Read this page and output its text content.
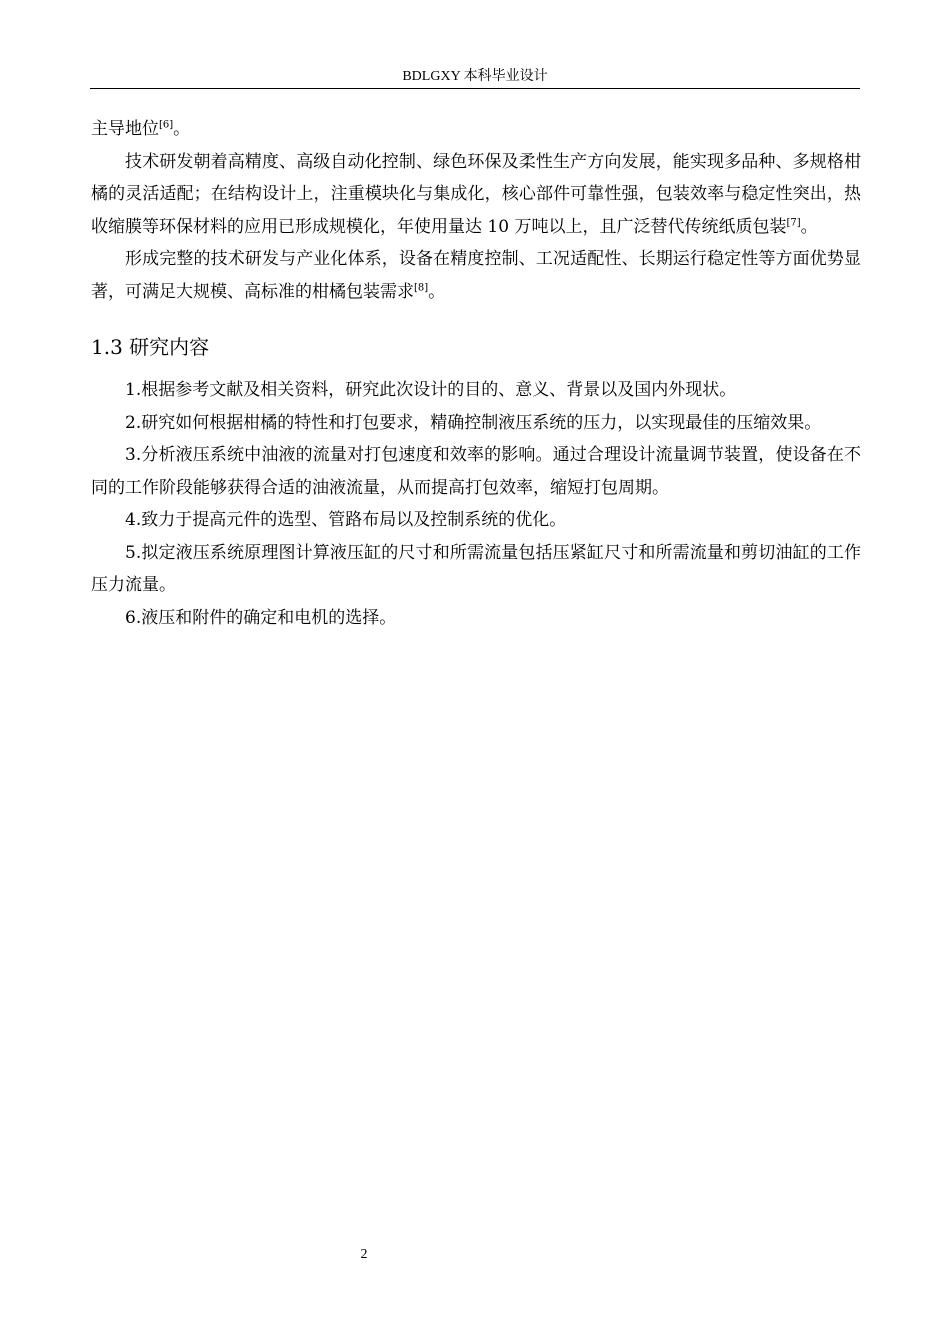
BDLGXY 本科毕业设计

主导地位[6]。

技术研发朝着高精度、高级自动化控制、绿色环保及柔性生产方向发展，能实现多品种、多规格柑橘的灵活适配；在结构设计上，注重模块化与集成化，核心部件可靠性强，包装效率与稳定性突出，热收缩膜等环保材料的应用已形成规模化，年使用量达 10 万吨以上，且广泛替代传统纸质包装[7]。

形成完整的技术研发与产业化体系，设备在精度控制、工况适配性、长期运行稳定性等方面优势显著，可满足大规模、高标准的柑橘包装需求[8]。

1.3 研究内容

1.根据参考文献及相关资料，研究此次设计的目的、意义、背景以及国内外现状。

2.研究如何根据柑橘的特性和打包要求，精确控制液压系统的压力，以实现最佳的压缩效果。

3.分析液压系统中油液的流量对打包速度和效率的影响。通过合理设计流量调节装置，使设备在不同的工作阶段能够获得合适的油液流量，从而提高打包效率，缩短打包周期。

4.致力于提高元件的选型、管路布局以及控制系统的优化。

5.拟定液压系统原理图计算液压缸的尺寸和所需流量包括压紧缸尺寸和所需流量和剪切油缸的工作压力流量。

6.液压和附件的确定和电机的选择。

2
